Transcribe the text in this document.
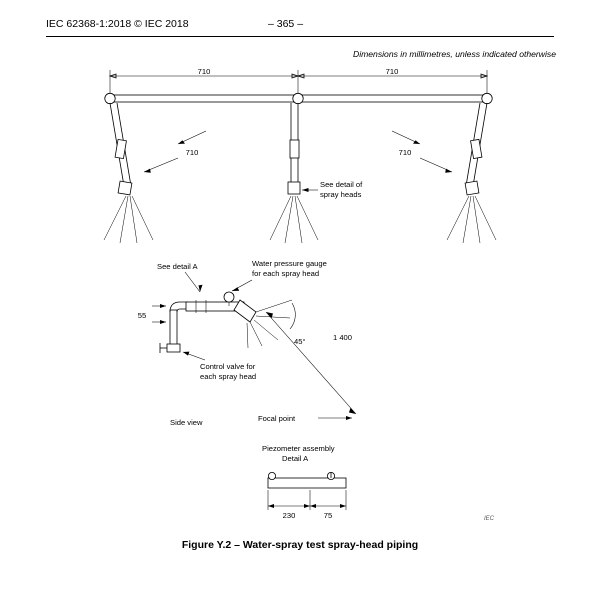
IEC 62368-1:2018 © IEC 2018	– 365 –
Dimensions in millimetres, unless indicated otherwise
710	710
710	710
See detail of
spray heads
See detail A	Water pressure gauge
for each spray head
55
45°	1 400
Control valve for
each spray head
Side view	Focal point
Piezometer assembly
Detail A
230	75	IEC
Figure Y.2 – Water-spray test spray-head piping
